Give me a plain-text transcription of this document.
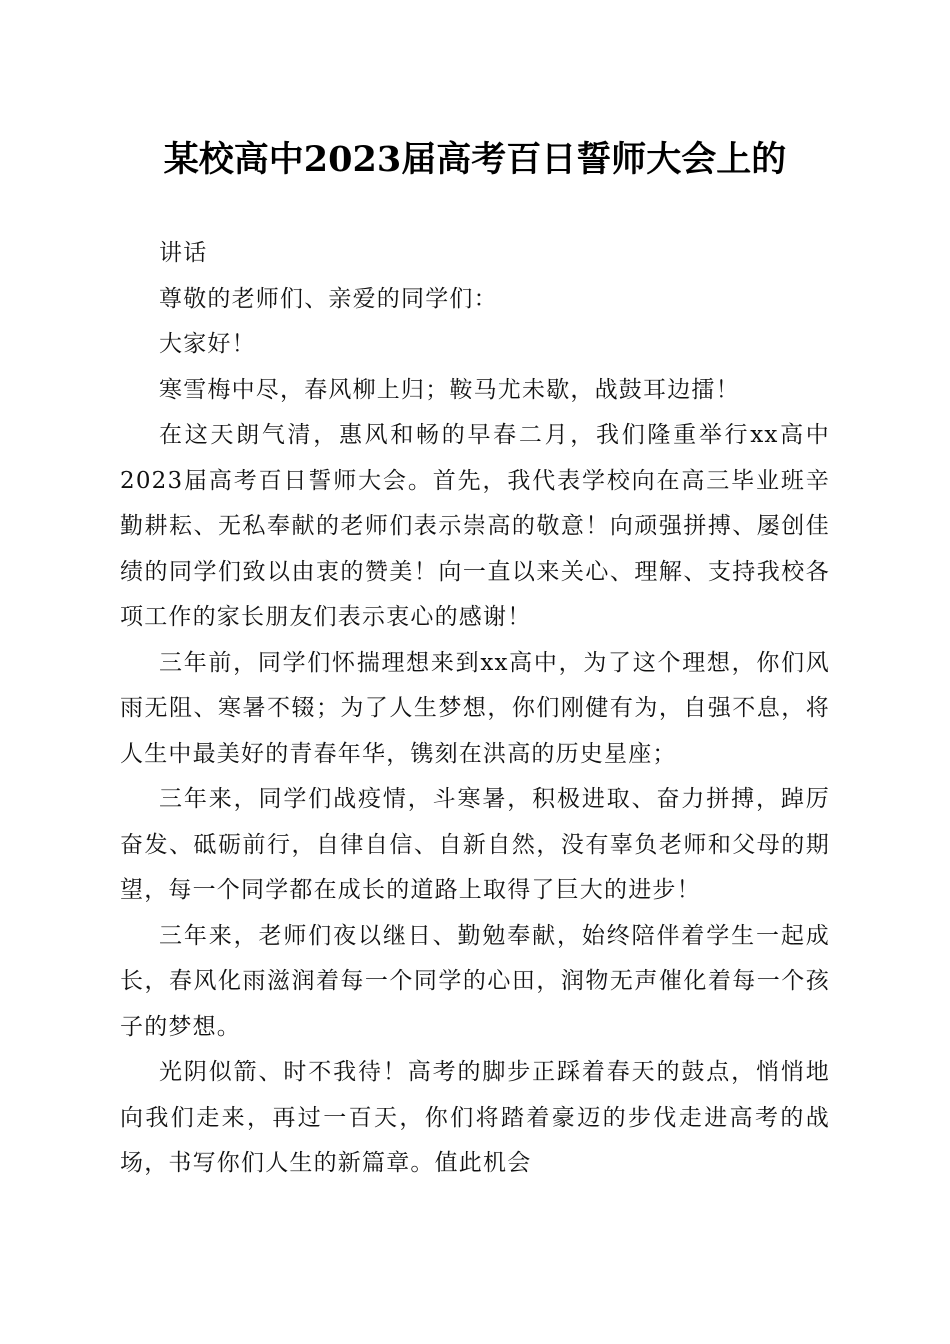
某校高中2023届高考百日誓师大会上的

讲话

尊敬的老师们、亲爱的同学们：

大家好！

寒雪梅中尽，春风柳上归；鞍马尤未歇，战鼓耳边擂！

在这天朗气清，惠风和畅的早春二月，我们隆重举行xx高中2023届高考百日誓师大会。首先，我代表学校向在高三毕业班辛勤耕耘、无私奉献的老师们表示崇高的敬意！向顽强拼搏、屡创佳绩的同学们致以由衷的赞美！向一直以来关心、理解、支持我校各项工作的家长朋友们表示衷心的感谢！

三年前，同学们怀揣理想来到xx高中，为了这个理想，你们风雨无阻、寒暑不辍；为了人生梦想，你们刚健有为，自强不息，将人生中最美好的青春年华，镌刻在洪高的历史星座；

三年来，同学们战疫情，斗寒暑，积极进取、奋力拼搏，踔厉奋发、砥砺前行，自律自信、自新自然，没有辜负老师和父母的期望，每一个同学都在成长的道路上取得了巨大的进步！

三年来，老师们夜以继日、勤勉奉献，始终陪伴着学生一起成长，春风化雨滋润着每一个同学的心田，润物无声催化着每一个孩子的梦想。

光阴似箭、时不我待！高考的脚步正踩着春天的鼓点，悄悄地向我们走来，再过一百天，你们将踏着豪迈的步伐走进高考的战场，书写你们人生的新篇章。值此机会
